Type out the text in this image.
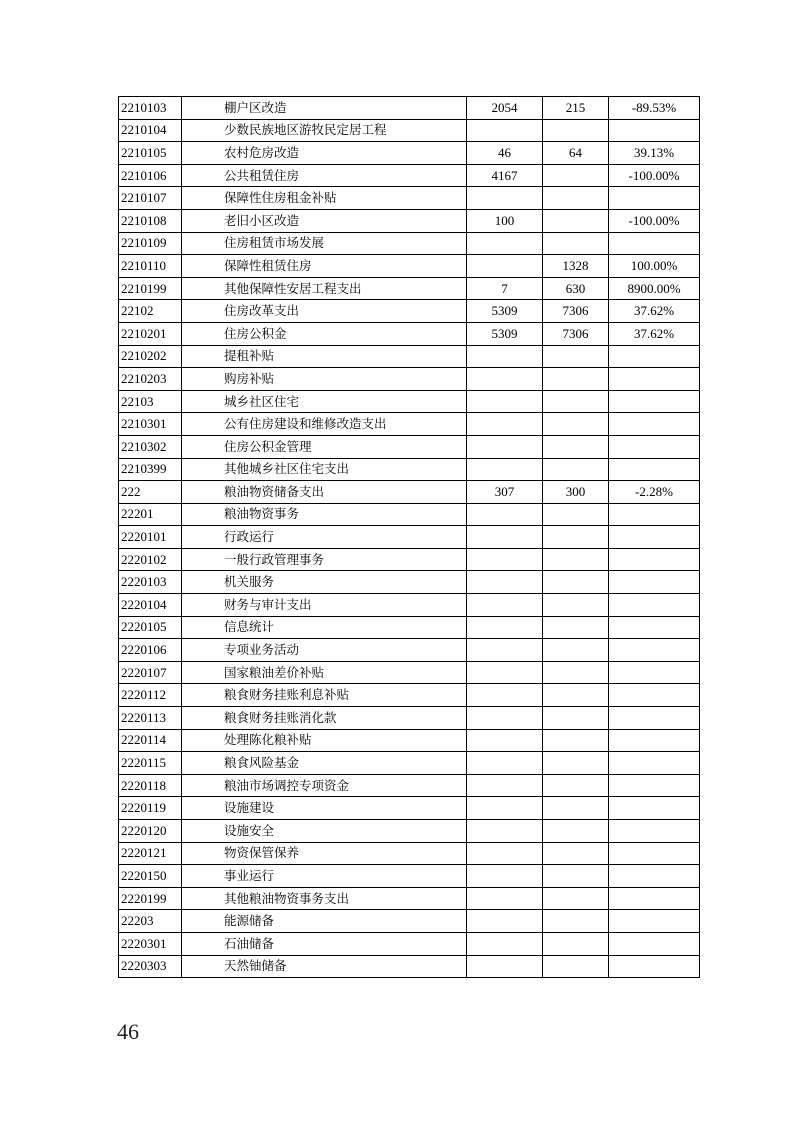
2210103	棚户区改造	2054	215	-89.53%
2210104	少数民族地区游牧民定居工程			
2210105	农村危房改造	46	64	39.13%
2210106	公共租赁住房	4167		-100.00%
2210107	保障性住房租金补贴			
2210108	老旧小区改造	100		-100.00%
2210109	住房租赁市场发展			
2210110	保障性租赁住房		1328	100.00%
2210199	其他保障性安居工程支出	7	630	8900.00%
22102	住房改革支出	5309	7306	37.62%
2210201	住房公积金	5309	7306	37.62%
2210202	提租补贴			
2210203	购房补贴			
22103	城乡社区住宅			
2210301	公有住房建设和维修改造支出			
2210302	住房公积金管理			
2210399	其他城乡社区住宅支出			
222	粮油物资储备支出	307	300	-2.28%
22201	粮油物资事务			
2220101	行政运行			
2220102	一般行政管理事务			
2220103	机关服务			
2220104	财务与审计支出			
2220105	信息统计			
2220106	专项业务活动			
2220107	国家粮油差价补贴			
2220112	粮食财务挂账利息补贴			
2220113	粮食财务挂账消化款			
2220114	处理陈化粮补贴			
2220115	粮食风险基金			
2220118	粮油市场调控专项资金			
2220119	设施建设			
2220120	设施安全			
2220121	物资保管保养			
2220150	事业运行			
2220199	其他粮油物资事务支出			
22203	能源储备			
2220301	石油储备			
2220303	天然铀储备			
46
